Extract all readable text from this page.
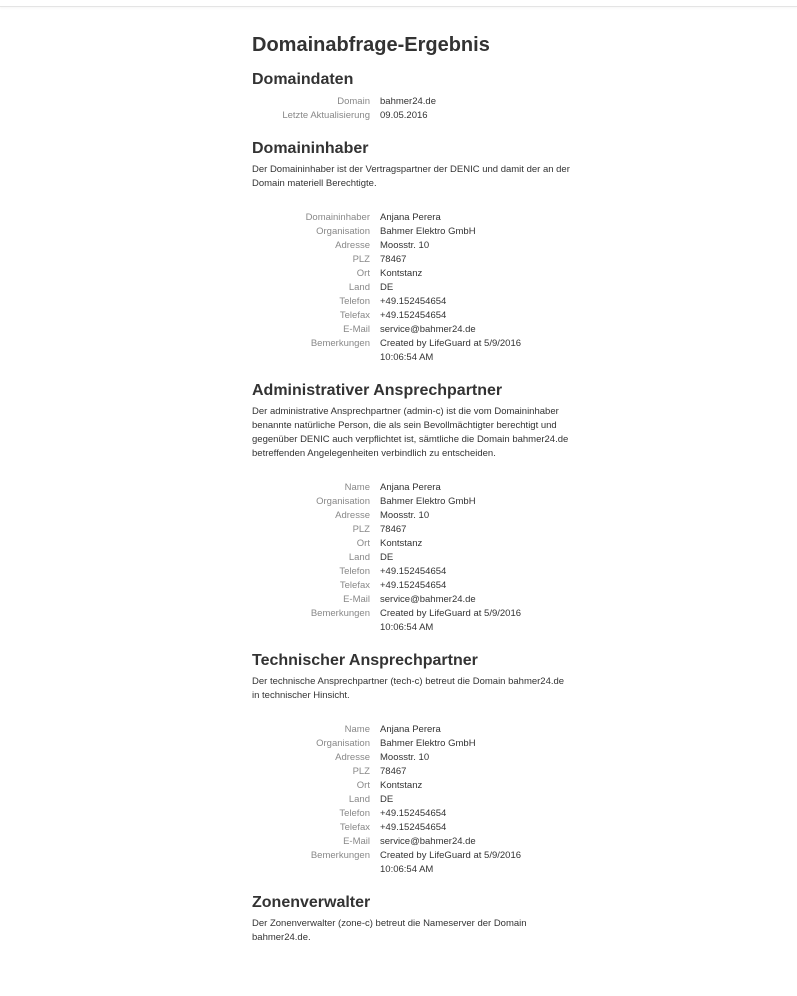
Domainabfrage-Ergebnis
Domaindaten
Domain bahmer24.de
Letzte Aktualisierung 09.05.2016
Domaininhaber

Der Domaininhaber ist der Vertragspartner der DENIC und damit der an der Domain materiell Berechtigte.

Domaininhaber Anjana Perera
Organisation Bahmer Elektro GmbH
Adresse Moosstr. 10
PLZ 78467
Ort Kontstanz
Land DE
Telefon +49.152454654
Telefax +49.152454654
E-Mail service@bahmer24.de
Bemerkungen Created by LifeGuard at 5/9/2016 10:06:54 AM
Administrativer Ansprechpartner

Der administrative Ansprechpartner (admin-c) ist die vom Domaininhaber benannte natürliche Person, die als sein Bevollmächtigter berechtigt und gegenüber DENIC auch verpflichtet ist, sämtliche die Domain bahmer24.de betreffenden Angelegenheiten verbindlich zu entscheiden.

Name Anjana Perera
Organisation Bahmer Elektro GmbH
Adresse Moosstr. 10
PLZ 78467
Ort Kontstanz
Land DE
Telefon +49.152454654
Telefax +49.152454654
E-Mail service@bahmer24.de
Bemerkungen Created by LifeGuard at 5/9/2016 10:06:54 AM
Technischer Ansprechpartner

Der technische Ansprechpartner (tech-c) betreut die Domain bahmer24.de in technischer Hinsicht.

Name Anjana Perera
Organisation Bahmer Elektro GmbH
Adresse Moosstr. 10
PLZ 78467
Ort Kontstanz
Land DE
Telefon +49.152454654
Telefax +49.152454654
E-Mail service@bahmer24.de
Bemerkungen Created by LifeGuard at 5/9/2016 10:06:54 AM
Zonenverwalter

Der Zonenverwalter (zone-c) betreut die Nameserver der Domain bahmer24.de.
